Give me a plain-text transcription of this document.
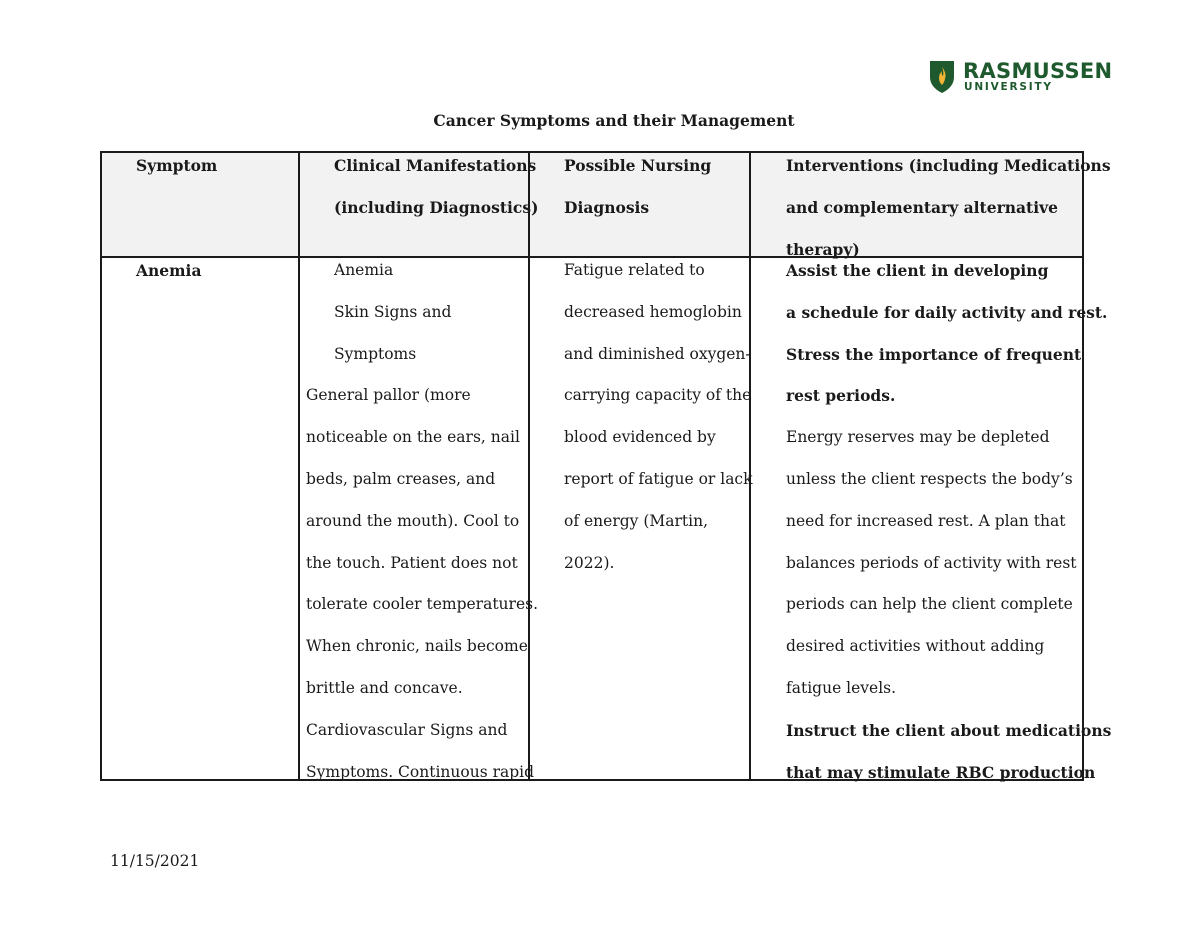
RASMUSSEN
UNIVERSITY
Cancer Symptoms and their Management
Symptom	Clinical Manifestations
(including Diagnostics)
Possible Nursing
Diagnosis
Interventions (including Medications
and complementary alternative
therapy)
Anemia	Anemia
Skin Signs and
Symptoms
General pallor (more
noticeable on the ears, nail
beds, palm creases, and
around the mouth). Cool to
the touch. Patient does not
tolerate cooler temperatures.
When chronic, nails become
brittle and concave.
Cardiovascular Signs and
Symptoms. Continuous rapid
Fatigue related to
decreased hemoglobin
and diminished oxygen-
carrying capacity of the
blood evidenced by
report of fatigue or lack
of energy (Martin,
2022).
Assist the client in developing
a schedule for daily activity and rest.
Stress the importance of frequent
rest periods.
Energy reserves may be depleted
unless the client respects the body’s
need for increased rest. A plan that
balances periods of activity with rest
periods can help the client complete
desired activities without adding
fatigue levels.
Instruct the client about medications
that may stimulate RBC production
11/15/2021
